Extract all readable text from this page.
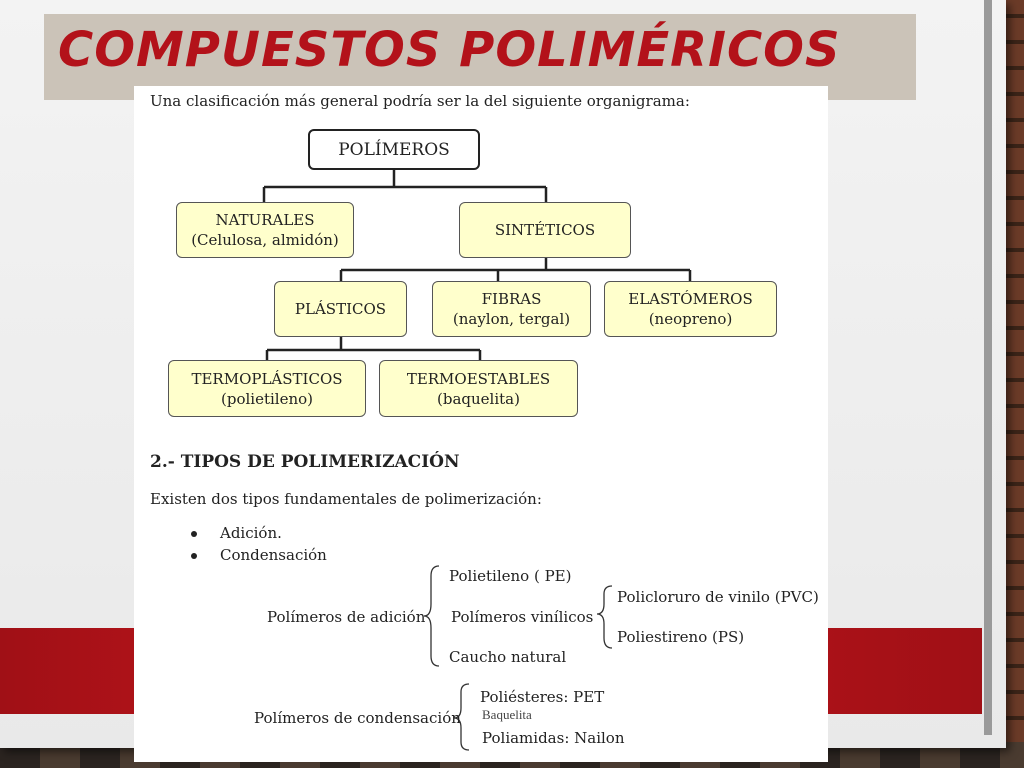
COMPUESTOS POLIMÉRICOS
Una clasificación más general podría ser la del siguiente organigrama:
POLÍMEROS
NATURALES
(Celulosa, almidón)
SINTÉTICOS
PLÁSTICOS
FIBRAS
(naylon, tergal)
ELASTÓMEROS
(neopreno)
TERMOPLÁSTICOS
(polietileno)
TERMOESTABLES
(baquelita)
2.- TIPOS DE POLIMERIZACIÓN
Existen dos tipos fundamentales de polimerización:
Adición.
Condensación
Polímeros de adición
Polietileno ( PE)
Polímeros vinílicos
Caucho natural
Policloruro de vinilo (PVC)
Poliestireno (PS)
Polímeros de condensación
Poliésteres: PET
Baquelita
Poliamidas: Nailon
